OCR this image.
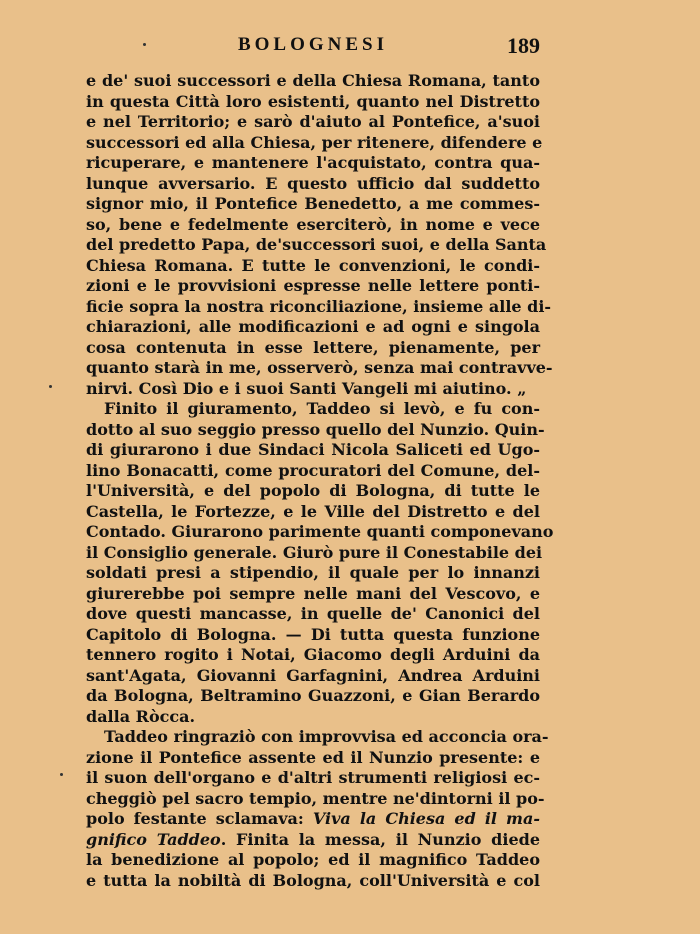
BOLOGNESI	189
e de' suoi successori e della Chiesa Romana, tanto
in questa Città loro esistenti, quanto nel Distretto
e nel Territorio; e sarò d'aiuto al Pontefice, a'suoi
successori ed alla Chiesa, per ritenere, difendere e
ricuperare, e mantenere l'acquistato, contra qua-
lunque avversario. E questo ufficio dal suddetto
signor mio, il Pontefice Benedetto, a me commes-
so, bene e fedelmente eserciterò, in nome e vece
del predetto Papa, de'successori suoi, e della Santa
Chiesa Romana. E tutte le convenzioni, le condi-
zioni e le provvisioni espresse nelle lettere ponti-
ficie sopra la nostra riconciliazione, insieme alle di-
chiarazioni, alle modificazioni e ad ogni e singola
cosa contenuta in esse lettere, pienamente, per
quanto starà in me, osserverò, senza mai contravve-
nirvi. Così Dio e i suoi Santi Vangeli mi aiutino. „
Finito il giuramento, Taddeo si levò, e fu con-
dotto al suo seggio presso quello del Nunzio. Quin-
di giurarono i due Sindaci Nicola Saliceti ed Ugo-
lino Bonacatti, come procuratori del Comune, del-
l'Università, e del popolo di Bologna, di tutte le
Castella, le Fortezze, e le Ville del Distretto e del
Contado. Giurarono parimente quanti componevano
il Consiglio generale. Giurò pure il Conestabile dei
soldati presi a stipendio, il quale per lo innanzi
giurerebbe poi sempre nelle mani del Vescovo, e
dove questi mancasse, in quelle de' Canonici del
Capitolo di Bologna. — Di tutta questa funzione
tennero rogito i Notai, Giacomo degli Arduini da
sant'Agata, Giovanni Garfagnini, Andrea Arduini
da Bologna, Beltramino Guazzoni, e Gian Berardo
dalla Ròcca.
Taddeo ringraziò con improvvisa ed acconcia ora-
zione il Pontefice assente ed il Nunzio presente: e
il suon dell'organo e d'altri strumenti religiosi ec-
cheggiò pel sacro tempio, mentre ne'dintorni il po-
polo festante sclamava: Viva la Chiesa ed il ma-
gnifico Taddeo. Finita la messa, il Nunzio diede
la benedizione al popolo; ed il magnifico Taddeo
e tutta la nobiltà di Bologna, coll'Università e col
